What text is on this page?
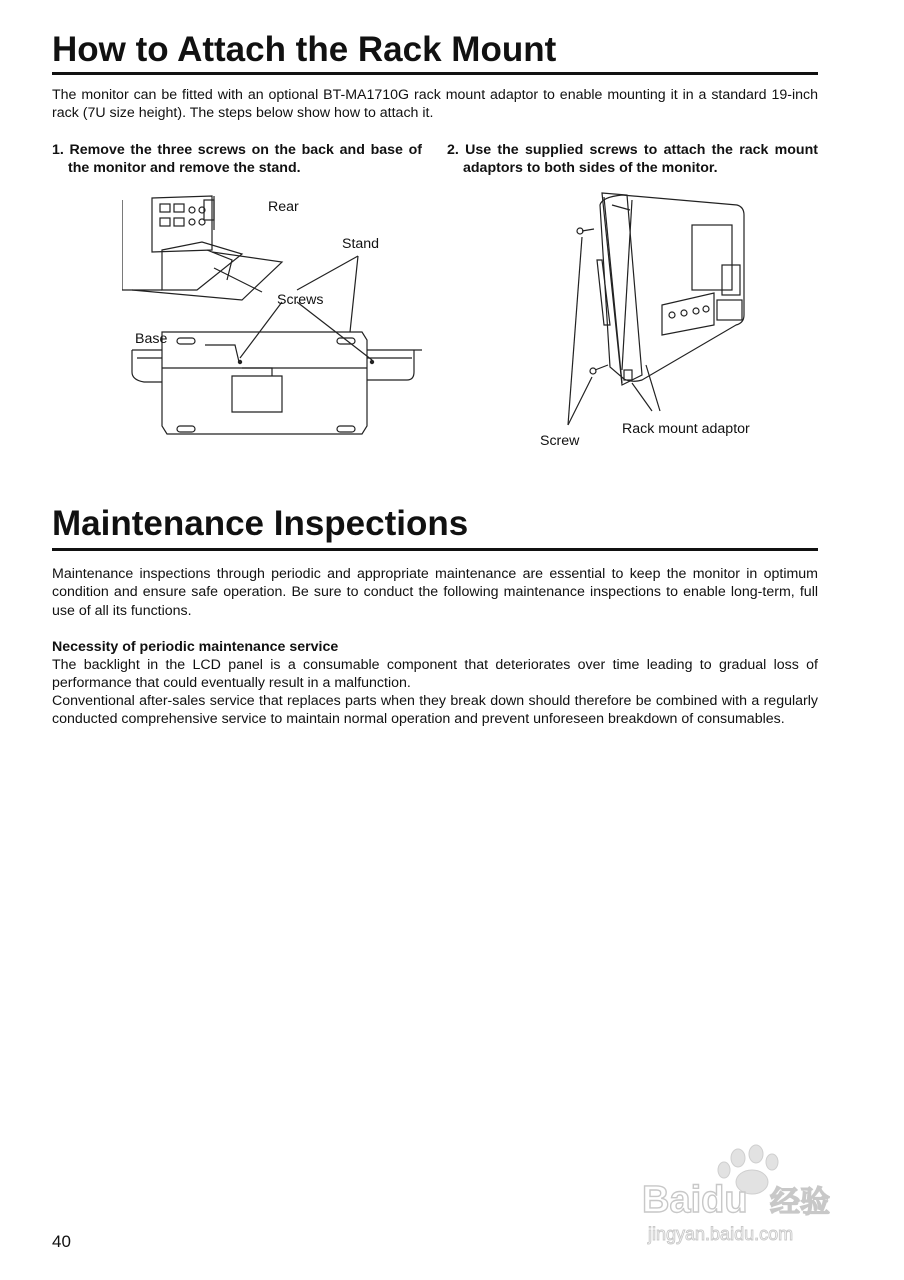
How to Attach the Rack Mount

The monitor can be fitted with an optional BT-MA1710G rack mount adaptor to enable mounting it in a standard 19-inch rack (7U size height). The steps below show how to attach it.

1. Remove the three screws on the back and base of the monitor and remove the stand.
2. Use the supplied screws to attach the rack mount adaptors to both sides of the monitor.
Rear
Stand
Screws
Base
Screw
Rack mount adaptor
Maintenance Inspections

Maintenance inspections through periodic and appropriate maintenance are essential to keep the monitor in optimum condition and ensure safe operation. Be sure to conduct the following maintenance inspections to enable long-term, full use of all its functions.

Necessity of periodic maintenance service

The backlight in the LCD panel is a consumable component that deteriorates over time leading to gradual loss of performance that could eventually result in a malfunction.

Conventional after-sales service that replaces parts when they break down should therefore be combined with a regularly conducted comprehensive service to maintain normal operation and prevent unforeseen breakdown of consumables.

40
Baidu 经验
jingyan.baidu.com
